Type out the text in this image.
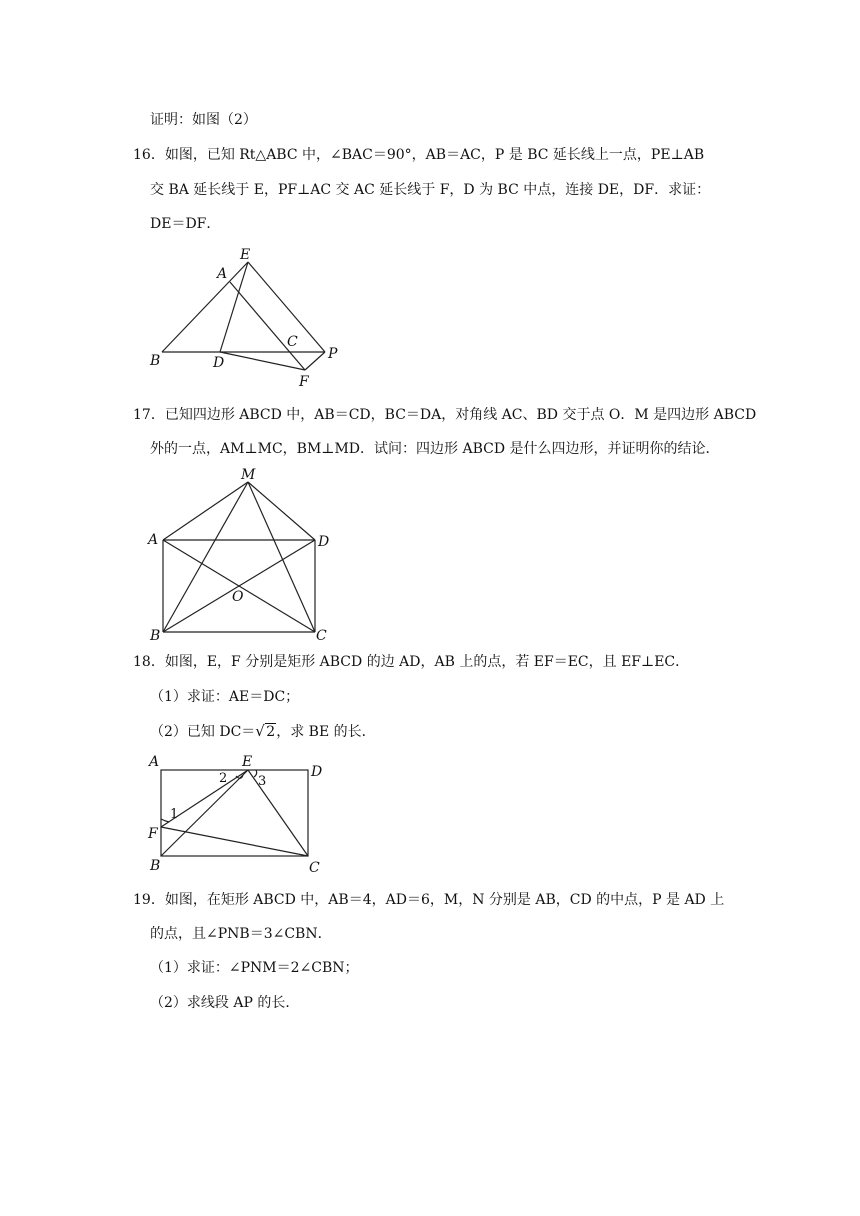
证明：如图（2）
16．如图，已知 Rt△ABC 中，∠BAC＝90°，AB＝AC，P 是 BC 延长线上一点，PE⊥AB
交 BA 延长线于 E，PF⊥AC 交 AC 延长线于 F，D 为 BC 中点，连接 DE，DF．求证：
DE＝DF．
E
A
C
B	D
P
F
17．已知四边形 ABCD 中，AB＝CD，BC＝DA，对角线 AC、BD 交于点 O．M 是四边形 ABCD
外的一点，AM⊥MC，BM⊥MD．试问：四边形 ABCD 是什么四边形，并证明你的结论．
M
A	D
O
B	C
18．如图，E，F 分别是矩形 ABCD 的边 AD，AB 上的点，若 EF＝EC，且 EF⊥EC．
（1）求证：AE＝DC；
（2）已知 DC＝ √ 2，求 BE 的长．
A	E
D
F
B	C
1
2 3
19．如图，在矩形 ABCD 中，AB＝4，AD＝6，M，N 分别是 AB，CD 的中点，P 是 AD 上
的点，且∠PNB＝3∠CBN．
（1）求证：∠PNM＝2∠CBN；
（2）求线段 AP 的长．
